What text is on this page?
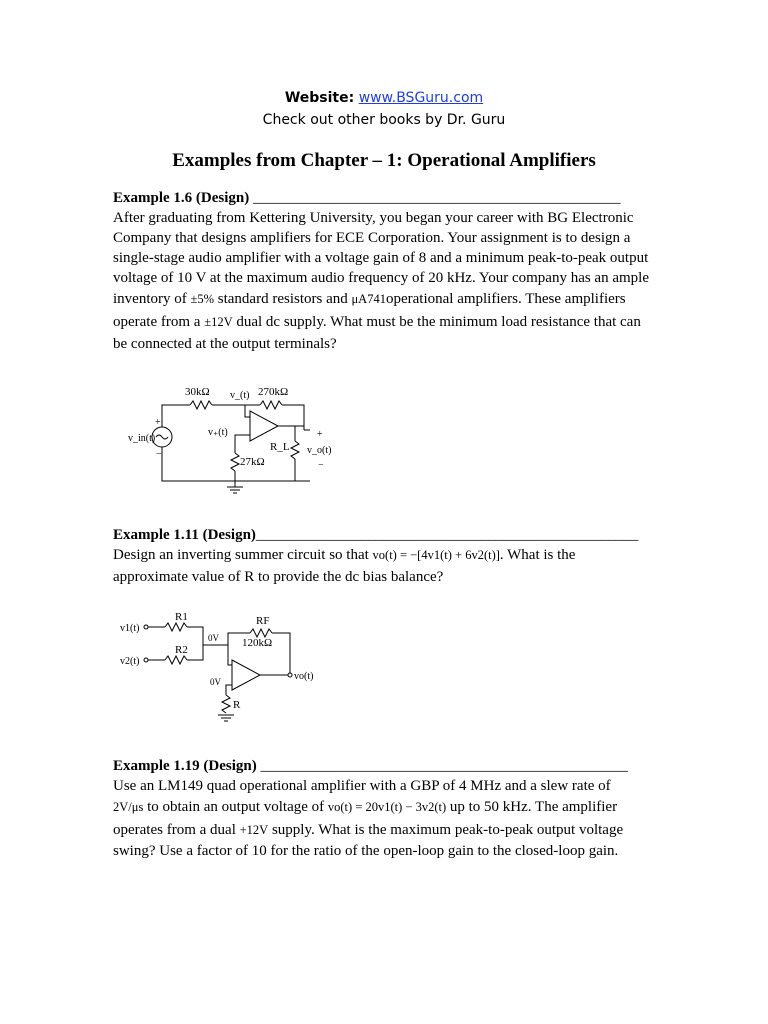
Website: www.BSGuru.com
Check out other books by Dr. Guru
Examples from Chapter – 1: Operational Amplifiers
Example 1.6 (Design) _________________________________________________
After graduating from Kettering University, you began your career with BG Electronic
Company that designs amplifiers for ECE Corporation. Your assignment is to design a
single-stage audio amplifier with a voltage gain of 8 and a minimum peak-to-peak output
voltage of 10 V at the maximum audio frequency of 20 kHz. Your company has an ample
inventory of ±5% standard resistors and μA741operational amplifiers. These amplifiers
operate from a ±12V dual dc supply. What must be the minimum load resistance that can
be connected at the output terminals?
30kΩ	270kΩ
v_(t)
v₊(t)
v_in(t)
+
−
R_L
27kΩ
+
v_o(t)
−
Example 1.11 (Design)___________________________________________________
Design an inverting summer circuit so that vo(t) = −[4v1(t) + 6v2(t)]. What is the
approximate value of R to provide the dc bias balance?
R1
R2
RF
120kΩ
v1(t)
v2(t)
0V
0V
R
vo(t)
Example 1.19 (Design) _________________________________________________
Use an LM149 quad operational amplifier with a GBP of 4 MHz and a slew rate of
2V/μs to obtain an output voltage of vo(t) = 20v1(t) − 3v2(t) up to 50 kHz. The amplifier
operates from a dual +12V supply. What is the maximum peak-to-peak output voltage
swing? Use a factor of 10 for the ratio of the open-loop gain to the closed-loop gain.
